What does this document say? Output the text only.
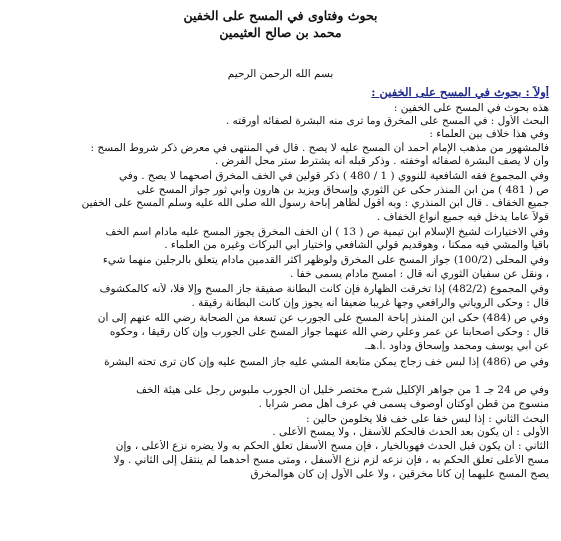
بحوث وفتاوى في المسح على الخفين
محمد بن صالح العثيمين
بسم الله الرحمن الرحيم
أولاً : بحوث في المسح على الخفين :
هذه بحوث في المسح على الخفين :
البحث الأول : في المسح على المخرق وما ترى منه البشرة لصفائه أورقته .
وفي هذا خلاف بين العلماء :
فالمشهور من مذهب الإمام أحمد أن المسح عليه لا يصح . قال في المنتهى في معرض ذكر شروط المسح :
وأن لا يصف البشرة لصفائه أوخفته . وذكر قبله أنه يشترط ستر محل الفرض .
وفي المجموع فقه الشافعية للنووي ( 1 / 480 ) ذكر قولين في الخف المخرق أصحهما لا يصح . وفي
ص ( 481 ) من ابن المنذر حكى عن الثوري وإسحاق ويزيد بن هارون وأبي ثور جواز المسح على
جميع الخفاف . قال ابن المنذري : وبه أقول لظاهر إباحة رسول الله صلى الله عليه وسلم المسح على الخفين
قولاً عاماً يدخل فيه جميع أنواع الخفاف .
وفي الاختيارات لشيخ الإسلام ابن تيمية ص ( 13 ) أن الخف المخرق يجوز المسح عليه مادام اسم الخف
باقياً والمشي فيه ممكناً ، وهوقديم قولي الشافعي واختيار أبي البركات وغيره من العلماء .
وفي المحلى (100/2) جواز المسح على المخرق ولوظهر أكثر القدمين مادام يتعلق بالرجلين منهما شيء
، ونقل عن سفيان الثوري أنه قال : امسح مادام يسمى خفاً .
وفي المجموع (482/2) إذا تخرقت الظهارة فإن كانت البطانة صفيقة جاز المسح وإلا فلا، لأنه كالمكشوف
قال : وحكى الروياني والرافعي وجهاً غريباً ضعيفاً أنه يجوز وإن كانت البطانة رقيقة .
وفي ص (484) حكى ابن المنذر إباحة المسح على الجورب عن تسعة من الصحابة رضي الله عنهم إلى أن
قال : وحكى أصحابنا عن عمر وعلي رضي الله عنهما جواز المسح على الجورب وإن كان رقيقاً ، وحكوه
عن أبي يوسف ومحمد وإسحاق وداود .أ.هـ.
وفي ص (486) إذا لبس خف زجاج يمكن متابعة المشي عليه جاز المسح عليه وإن كان ترى تحته البشرة
وفي ص 24 جـ 1 من جواهر الإكليل شرح مختصر خليل أن الجورب ملبوس رجل على هيئة الخف
منسوج من قطن أوكتان أوصوف يسمى في عرف أهل مصر شراباً .
البحث الثاني : إذا لبس خفاً على خف فلا يخلومن حالين :
الأولى : أن يكون بعد الحدث فالحكم للأسفل ، ولا يمسح الأعلى .
الثاني : أن يكون قبل الحدث فهوبالخيار ، فإن مسح الأسفل تعلق الحكم به ولا يضره نزع الأعلى ، وإن
مسح الأعلى تعلق الحكم به ، فإن نزعه لزم نزع الأسفل ، ومتى مسح أحدهما لم ينتقل إلى الثاني . ولا
يصح المسح عليهما إن كانا مخرقين ، ولا على الأول إن كان هوالمخرق
